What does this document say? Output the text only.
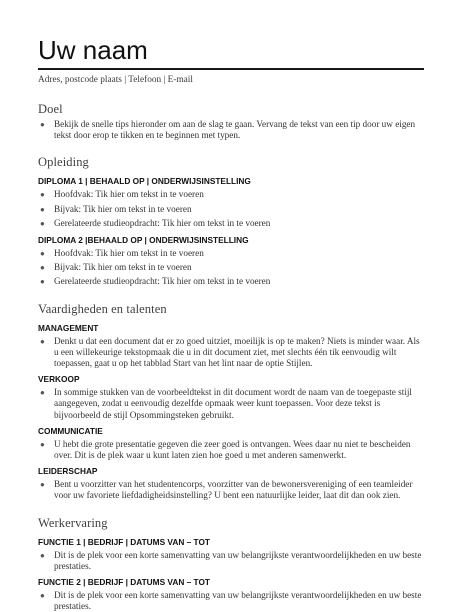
Uw naam
Adres, postcode plaats | Telefoon | E-mail
Doel
● Bekijk de snelle tips hieronder om aan de slag te gaan. Vervang de tekst van een tip door uw eigen tekst door erop te tikken en te beginnen met typen.
Opleiding
DIPLOMA 1 | BEHAALD OP | ONDERWIJSINSTELLING
● Hoofdvak: Tik hier om tekst in te voeren
● Bijvak: Tik hier om tekst in te voeren
● Gerelateerde studieopdracht: Tik hier om tekst in te voeren
DIPLOMA 2 |BEHAALD OP | ONDERWIJSINSTELLING
● Hoofdvak: Tik hier om tekst in te voeren
● Bijvak: Tik hier om tekst in te voeren
● Gerelateerde studieopdracht: Tik hier om tekst in te voeren
Vaardigheden en talenten
MANAGEMENT
● Denkt u dat een document dat er zo goed uitziet, moeilijk is op te maken? Niets is minder waar. Als u een willekeurige tekstopmaak die u in dit document ziet, met slechts één tik eenvoudig wilt toepassen, gaat u op het tabblad Start van het lint naar de optie Stijlen.
VERKOOP
● In sommige stukken van de voorbeeldtekst in dit document wordt de naam van de toegepaste stijl aangegeven, zodat u eenvoudig dezelfde opmaak weer kunt toepassen. Voor deze tekst is bijvoorbeeld de stijl Opsommingsteken gebruikt.
COMMUNICATIE
● U hebt die grote presentatie gegeven die zeer goed is ontvangen. Wees daar nu niet te bescheiden over. Dit is de plek waar u kunt laten zien hoe goed u met anderen samenwerkt.
LEIDERSCHAP
● Bent u voorzitter van het studentencorps, voorzitter van de bewonersvereniging of een teamleider voor uw favoriete liefdadigheidsinstelling? U bent een natuurlijke leider, laat dit dan ook zien.
Werkervaring
FUNCTIE 1 | BEDRIJF | DATUMS VAN – TOT
● Dit is de plek voor een korte samenvatting van uw belangrijkste verantwoordelijkheden en uw beste prestaties.
FUNCTIE 2 | BEDRIJF | DATUMS VAN – TOT
● Dit is de plek voor een korte samenvatting van uw belangrijkste verantwoordelijkheden en uw beste prestaties.
